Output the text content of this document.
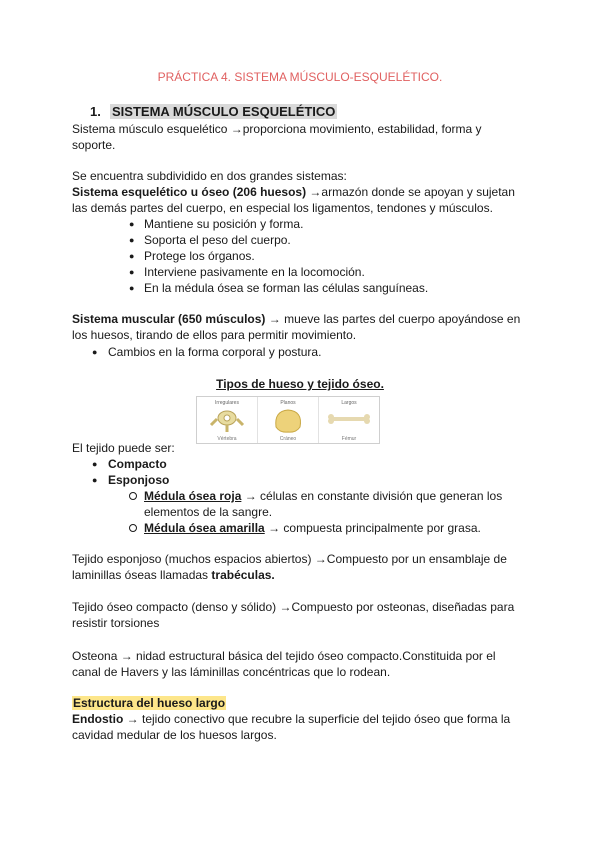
PRÁCTICA 4. SISTEMA MÚSCULO-ESQUELÉTICO.
1. SISTEMA MÚSCULO ESQUELÉTICO
Sistema músculo esquelético →proporciona movimiento, estabilidad, forma y
soporte.
Se encuentra subdividido en dos grandes sistemas:
Sistema esquelético u óseo (206 huesos) →armazón donde se apoyan y sujetan
las demás partes del cuerpo, en especial los ligamentos, tendones y músculos.
● Mantiene su posición y forma.
● Soporta el peso del cuerpo.
● Protege los órganos.
● Interviene pasivamente en la locomoción.
● En la médula ósea se forman las células sanguíneas.
Sistema muscular (650 músculos) → mueve las partes del cuerpo apoyándose en
los huesos, tirando de ellos para permitir movimiento.
● Cambios en la forma corporal y postura.
Tipos de hueso y tejido óseo.
Irregulares
Vértebra
Planos
Cráneo
Largos
Fémur
El tejido puede ser:
● Compacto
● Esponjoso
Médula ósea roja → células en constante división que generan los
elementos de la sangre.
Médula ósea amarilla → compuesta principalmente por grasa.
Tejido esponjoso (muchos espacios abiertos) →Compuesto por un ensamblaje de
laminillas óseas llamadas trabéculas.
Tejido óseo compacto (denso y sólido) →Compuesto por osteonas, diseñadas para
resistir torsiones
Osteona → nidad estructural básica del tejido óseo compacto.Constituida por el
canal de Havers y las láminillas concéntricas que lo rodean.
Estructura del hueso largo
Endostio → tejido conectivo que recubre la superficie del tejido óseo que forma la
cavidad medular de los huesos largos.
